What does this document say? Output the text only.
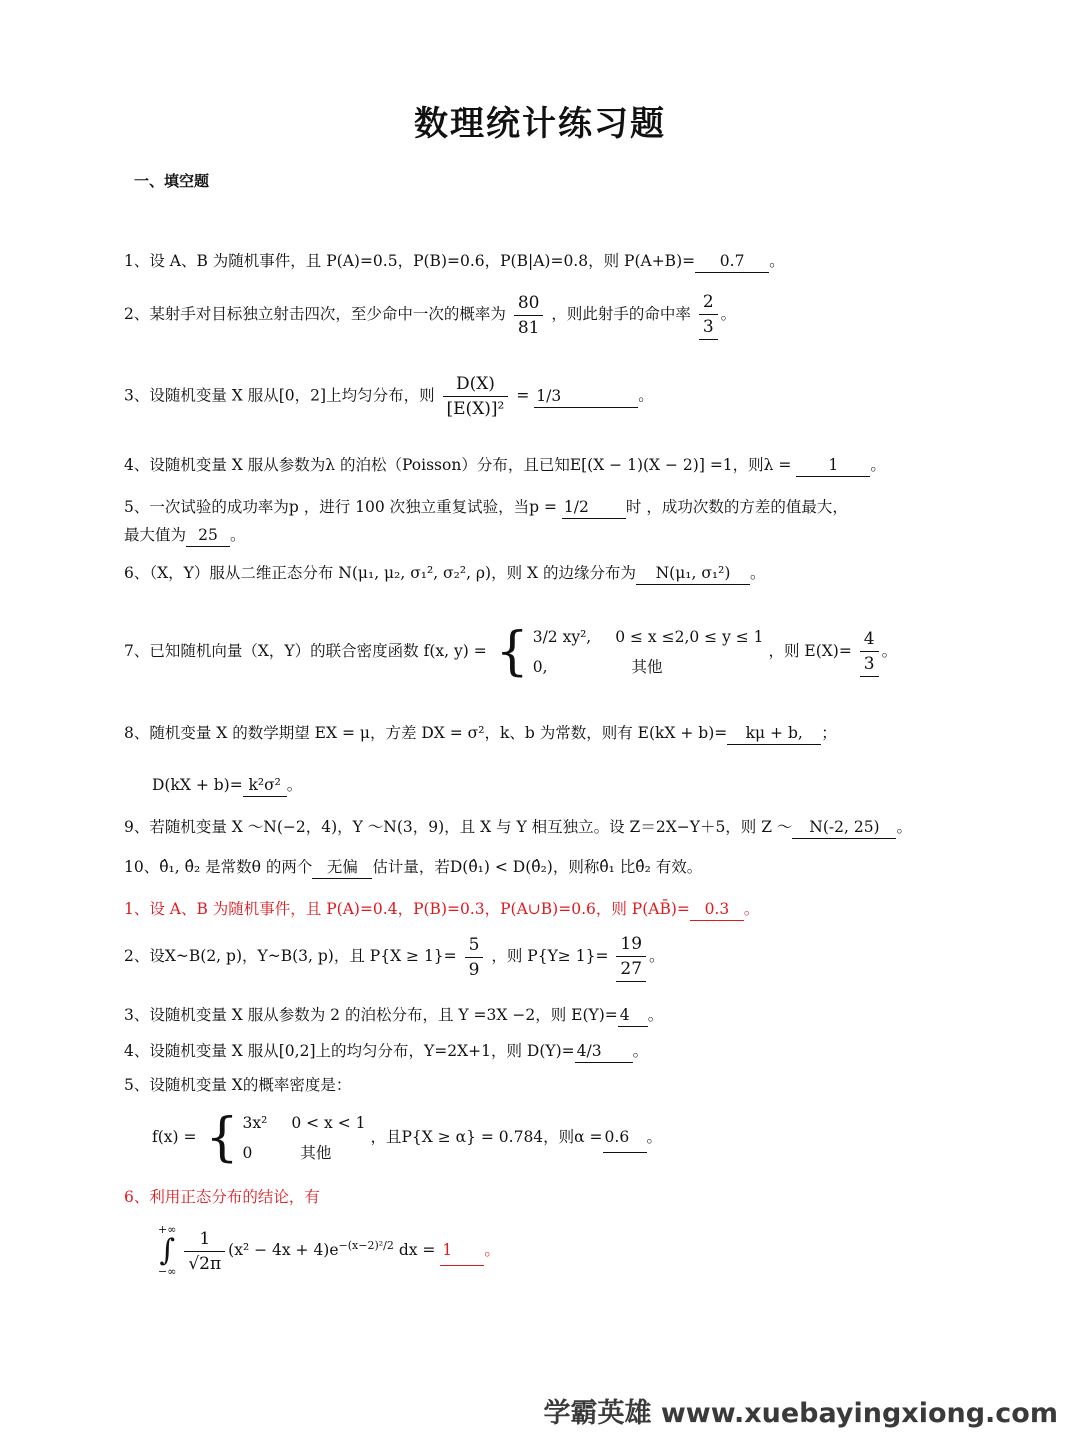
数理统计练习题
一、填空题
1、设 A、B 为随机事件，且 P(A)=0.5，P(B)=0.6，P(B|A)=0.8，则 P(A+B)= 0.7 。
2、某射手对目标独立射击四次，至少命中一次的概率为 $\frac{80}{81}$ ，则此射手的命中率 $\frac{2}{3}$ 。
3、设随机变量 X 服从[0，2]上均匀分布，则 $\frac{D(X)}{\text{[E(X)]²}} = 1/3$	。
4、设随机变量 X 服从参数为λ 的泊松（Poisson）分布，且已知E[(X − 1)(X − 2)] =1，则λ = 1 。
5、一次试验的成功率为p ，进行 100 次独立重复试验，当p = 1/2 时 ，成功次数的方差的值最大，
最大值为 25 。
6、（X，Y）服从二维正态分布 N(μ₁, μ₂, σ₁², σ₂², ρ)，则 X 的边缘分布为 N(μ₁, σ₁²) 。
7、已知随机向量（X，Y）的联合密度函数 f(x, y) = { 3/2 xy², 0 ≤ x ≤2,0 ≤ y ≤ 1
0,	其他
，则 $E(X)= \frac{4}{3}$ 。
8、随机变量 X 的数学期望 EX = μ，方差 DX = σ²，k、b 为常数，则有 E(kX + b)= kμ + b, ；
D(kX + b)= k²σ² 。
9、若随机变量 X ～N(−2，4)，Y ～N(3，9)，且 X 与 Y 相互独立。设 Z＝2X−Y＋5，则 Z ～ N(-2, 25) 。
10、θ̂₁, θ̂₂ 是常数θ 的两个 无偏 估计量，若D(θ̂₁) < D(θ̂₂)，则称θ̂₁ 比θ̂₂ 有效。
1、设 A、B 为随机事件，且 P(A)=0.4，P(B)=0.3，P(A∪B)=0.6，则 P(AB̄)= 0.3 。
2、设X~B(2, p)，Y~B(3, p)，且 $P\{X \ge 1\}= \frac{5}{9}$ ，则 $P\{Y\ge 1\}= \frac{19}{27}$ 。
3、设随机变量 X 服从参数为 2 的泊松分布，且 Y =3X −2，则 E(Y)= 4 。
4、设随机变量 X 服从[0,2]上的均匀分布，Y=2X+1，则 D(Y)= 4/3 。
5、设随机变量 X的概率密度是：
f(x) = { 3x² 0 < x < 1
0	其他
，且P{X ≥ α} = 0.784，则α = 0.6 。
6、利用正态分布的结论，有
+∞
∫
−∞
$\frac{1}{√2\pi} (x^2 - 4x + 4)e^{-(x-2)^2/2}$ dx = 1 。
学霸英雄 www.xuebayingxiong.com
